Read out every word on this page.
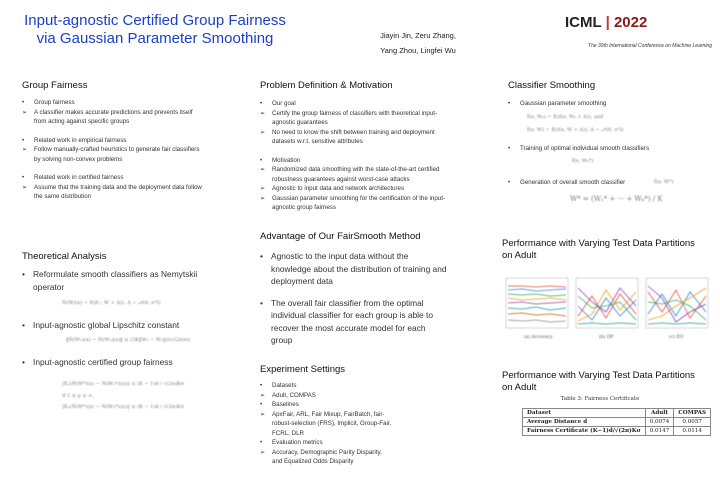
Input-agnostic Certified Group Fairness
via Gaussian Parameter Smoothing	Jiayin Jin, Zeru Zhang,
Yang Zhou, Lingfei Wu
ICML | 2022
The 39th International Conference on Machine Learning
Group Fairness
•	Group fairness
➢	A classifier makes accurate predictions and prevents itself
from acting against specific groups
•	Related work in empirical fairness
➢	Follow manually-crafted heuristics to generate fair classifiers
by solving non-convex problems
•	Related work in certified fairness
➢	Assume that the training data and the deployment data follow
the same distribution
Theoretical Analysis
• Reformulate smooth classifiers as Nemytskii
operator
Ñ(W)(x) = 𝔼(f(·; W + Δ)), Δ ∼ 𝒩(0, σ²I)
• Input-agnostic global Lipschitz constant
‖Ñ(W₁)(x) − Ñ(W₂)(x)‖ ≤ (2K‖W₁ − W₂‖)/(√(2π)σ)
• Input-agnostic certified group fairness
|𝔼ₓ(Ñ(W*)(x) − Ñ(W₁*)(x))| ≤ (K − 1)d / √(2π)Kσ
if 1 ≤ p ≤ ∞,
|𝔼ₓ(Ñ(W*)(x) − Ñ(W₂*)(x))| ≤ (K − 1)d / √(2π)Kσ
Problem Definition & Motivation
•	Our goal
➢	Certify the group fairness of classifiers with theoretical input-
agnostic guarantees
➢	No need to know the shift between training and deployment
datasets w.r.t. sensitive attributes
•	Motivation
➢	Randomized data smoothing with the state-of-the-art certified
robustness guarantees against worst-case attacks
➢	Agnostic to input data and network architectures
➢	Gaussian parameter smoothing for the certification of the input-
agnostic group fairness
Advantage of Our FairSmooth Method
• Agnostic to the input data without the
knowledge about the distribution of training and
deployment data
• The overall fair classifier from the optimal
individual classifier for each group is able to
recover the most accurate model for each
group
Experiment Settings
•	Datasets
➢	Adult, COMPAS
•	Baselines
➢	ApxFair, ARL, Fair Mixup, FairBatch, fair-
robust-selection (FRS), Implicit, Group-Fair,
FCRL, DLR
•	Evaluation metrics
➢	Accuracy, Demographic Parity Disparity,
and Equalized Odds Disparity
Classifier Smoothing
•	Gaussian parameter smoothing
f̃(x; Wₖ) = 𝔼(f(x; Wₖ + Δ)), and
f̃(x; W) = 𝔼(f(x; W + Δ)), Δ ∼ 𝒩(0, σ²I)
•	Training of optimal individual smooth classifiers
f̃(x; Wₖ*)
•	Generation of overall smooth classifier	f̃(x; W*)
W* = (W₁* + ··· + Wₖ*) / K
Performance with Varying Test Data Partitions
on Adult
(a) Accuracy	(b) DP	(c) EO
Performance with Varying Test Data Partitions
on Adult
Table 3: Fairness Certificate
Dataset	Adult	COMPAS
Average Distance d	0.0074	0.0057
Fairness Certificate (K−1)d/√(2π)Kσ	0.0147	0.0114
